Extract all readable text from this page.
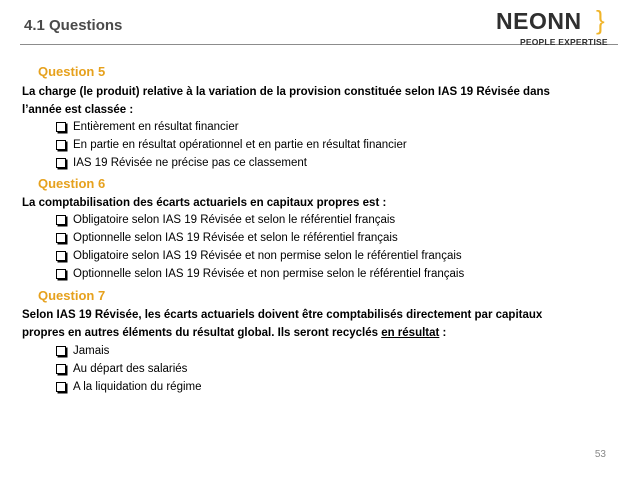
4.1 Questions	NEONN }
PEOPLE EXPERTISE
Question 5
La charge (le produit) relative à la variation de la provision constituée selon IAS 19 Révisée dans
l’année est classée :
Entièrement en résultat financier
En partie en résultat opérationnel et en partie en résultat financier
IAS 19 Révisée ne précise pas ce classement
Question 6
La comptabilisation des écarts actuariels en capitaux propres est :
Obligatoire selon IAS 19 Révisée et selon le référentiel français
Optionnelle selon IAS 19 Révisée et selon le référentiel français
Obligatoire selon IAS 19 Révisée et non permise selon le référentiel français
Optionnelle selon IAS 19 Révisée et non permise selon le référentiel français
Question 7
Selon IAS 19 Révisée, les écarts actuariels doivent être comptabilisés directement par capitaux
propres en autres éléments du résultat global. Ils seront recyclés en résultat :
Jamais
Au départ des salariés
A la liquidation du régime
53
